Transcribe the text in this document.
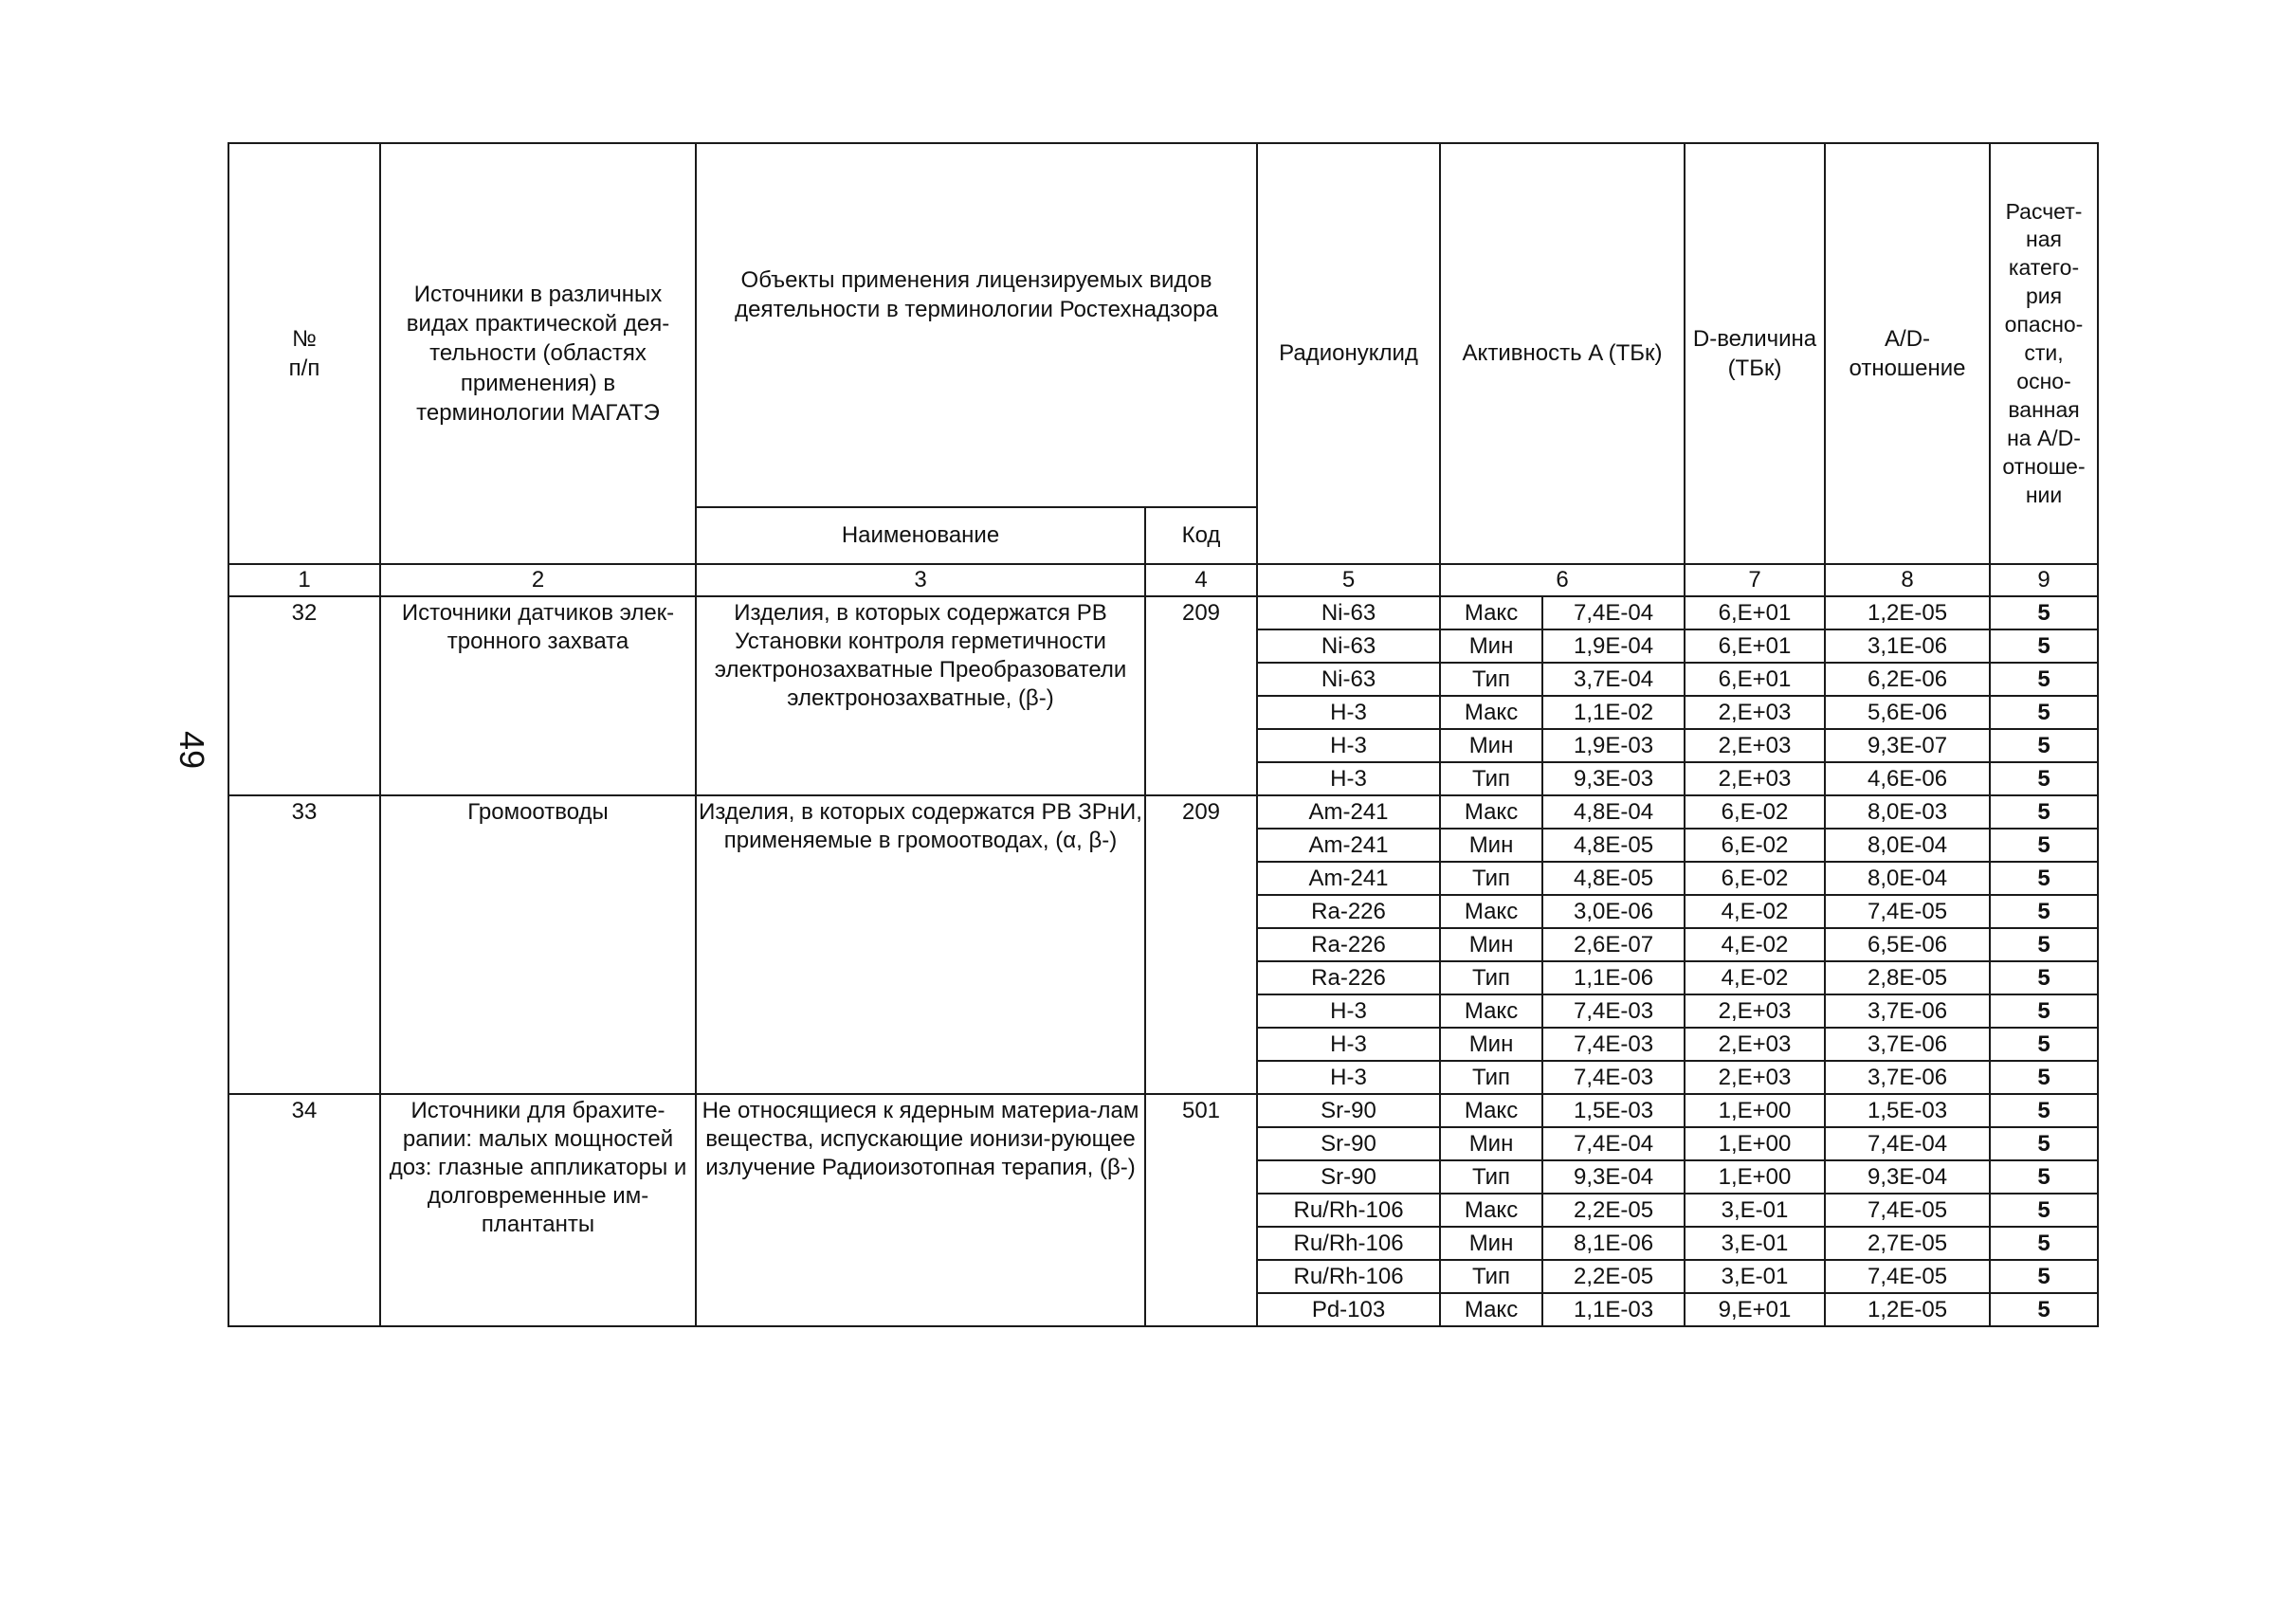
49
№
п/п	Источники в различных видах практической дея-тельности (областях применения) в терминологии МАГАТЭ	Объекты применения лицензируемых видов деятельности в терминологии Ростехнадзора		Радионуклид	Активность A (ТБк)		D-величина (ТБк)	A/D-отношение	Расчет-ная катего-рия опасно-сти, осно-ванная на A/D-отноше-нии
		Наименование	Код						
1	2	3	4	5	6		7	8	9
32	Источники датчиков элек-тронного захвата	Изделия, в которых содержатся РВ Установки контроля герметичности электронозахватные Преобразователи электронозахватные, (β-)	209	Ni-63	Макс	7,4E-04	6,E+01	1,2E-05	5
				Ni-63	Мин	1,9E-04	6,E+01	3,1E-06	5
				Ni-63	Тип	3,7E-04	6,E+01	6,2E-06	5
				H-3	Макс	1,1E-02	2,E+03	5,6E-06	5
				H-3	Мин	1,9E-03	2,E+03	9,3E-07	5
				H-3	Тип	9,3E-03	2,E+03	4,6E-06	5
33	Громоотводы	Изделия, в которых содержатся РВ ЗРнИ, применяемые в громоотводах, (α, β-)	209	Am-241	Макс	4,8E-04	6,E-02	8,0E-03	5
				Am-241	Мин	4,8E-05	6,E-02	8,0E-04	5
				Am-241	Тип	4,8E-05	6,E-02	8,0E-04	5
				Ra-226	Макс	3,0E-06	4,E-02	7,4E-05	5
				Ra-226	Мин	2,6E-07	4,E-02	6,5E-06	5
				Ra-226	Тип	1,1E-06	4,E-02	2,8E-05	5
				H-3	Макс	7,4E-03	2,E+03	3,7E-06	5
				H-3	Мин	7,4E-03	2,E+03	3,7E-06	5
				H-3	Тип	7,4E-03	2,E+03	3,7E-06	5
34	Источники для брахите-рапии: малых мощностей доз: глазные аппликаторы и долговременные им-плантанты	Не относящиеся к ядерным материа-лам вещества, испускающие ионизи-рующее излучение Радиоизотопная терапия, (β-)	501	Sr-90	Макс	1,5E-03	1,E+00	1,5E-03	5
				Sr-90	Мин	7,4E-04	1,E+00	7,4E-04	5
				Sr-90	Тип	9,3E-04	1,E+00	9,3E-04	5
				Ru/Rh-106	Макс	2,2E-05	3,E-01	7,4E-05	5
				Ru/Rh-106	Мин	8,1E-06	3,E-01	2,7E-05	5
				Ru/Rh-106	Тип	2,2E-05	3,E-01	7,4E-05	5
				Pd-103	Макс	1,1E-03	9,E+01	1,2E-05	5
